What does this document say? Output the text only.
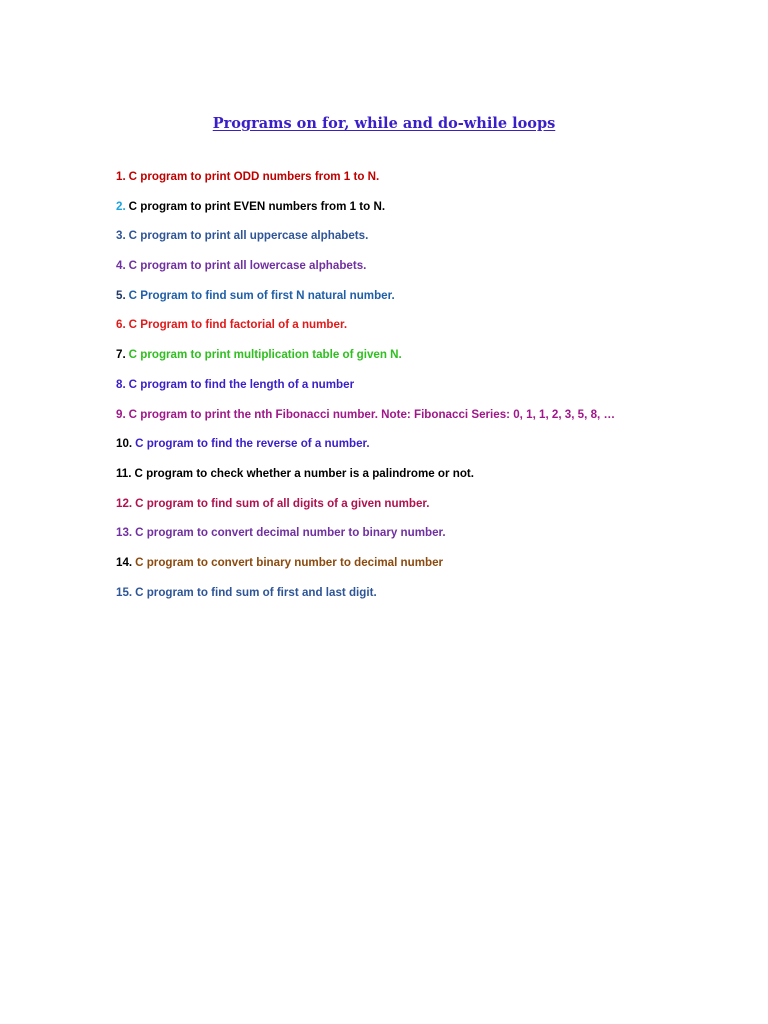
Programs on for, while and do-while loops
1. C program to print ODD numbers from 1 to N.
2. C program to print EVEN numbers from 1 to N.
3. C program to print all uppercase alphabets.
4. C program to print all lowercase alphabets.
5. C Program to find sum of first N natural number.
6. C Program to find factorial of a number.
7. C program to print multiplication table of given N.
8. C program to find the length of a number
9. C program to print the nth Fibonacci number. Note: Fibonacci Series: 0, 1, 1, 2, 3, 5, 8, …
10. C program to find the reverse of a number.
11. C program to check whether a number is a palindrome or not.
12. C program to find sum of all digits of a given number.
13. C program to convert decimal number to binary number.
14. C program to convert binary number to decimal number
15. C program to find sum of first and last digit.
